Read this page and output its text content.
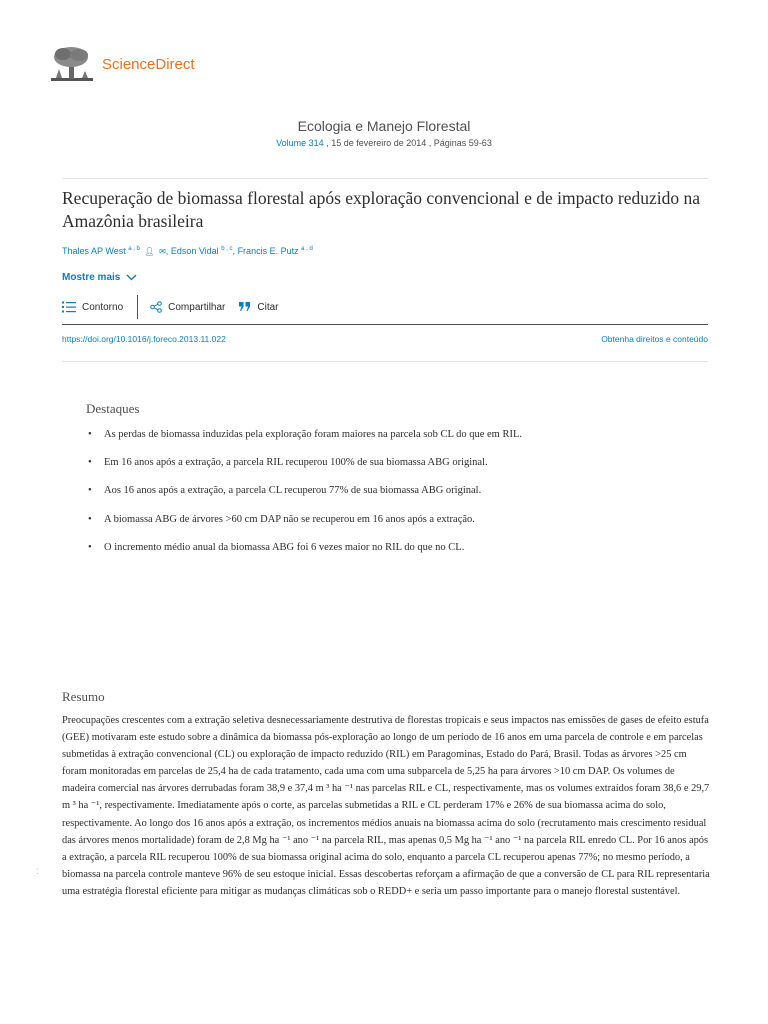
ScienceDirect
Ecologia e Manejo Florestal
Volume 314 , 15 de fevereiro de 2014 , Páginas 59-63
Recuperação de biomassa florestal após exploração convencional e de impacto reduzido na Amazônia brasileira
Thales AP West $^{a , b}$ 👤︎ ✉, Edson Vidal $^{b , c}$, Francis E. Putz $^{a , d}$
Mostre mais
Contorno	Compartilhar	Citar
https://doi.org/10.1016/j.foreco.2013.11.022	Obtenha direitos e conteúdo
Destaques
• As perdas de biomassa induzidas pela exploração foram maiores na parcela sob CL do que em RIL.
• Em 16 anos após a extração, a parcela RIL recuperou 100% de sua biomassa ABG original.
• Aos 16 anos após a extração, a parcela CL recuperou 77% de sua biomassa ABG original.
• A biomassa ABG de árvores >60 cm DAP não se recuperou em 16 anos após a extração.
• O incremento médio anual da biomassa ABG foi 6 vezes maior no RIL do que no CL.
Resumo

Preocupações crescentes com a extração seletiva desnecessariamente destrutiva de florestas tropicais e seus impactos nas emissões de gases de efeito estufa (GEE) motivaram este estudo sobre a dinâmica da biomassa pós-exploração ao longo de um período de 16 anos em uma parcela de controle e em parcelas submetidas à extração convencional (CL) ou exploração de impacto reduzido (RIL) em Paragominas, Estado do Pará, Brasil. Todas as árvores >25 cm foram monitoradas em parcelas de 25,4 ha de cada tratamento, cada uma com uma subparcela de 5,25 ha para árvores >10 cm DAP. Os volumes de madeira comercial nas árvores derrubadas foram 38,9 e 37,4 m ³ ha ⁻¹ nas parcelas RIL e CL, respectivamente, mas os volumes extraídos foram 38,6 e 29,7 m ³ ha ⁻¹, respectivamente. Imediatamente após o corte, as parcelas submetidas a RIL e CL perderam 17% e 26% de sua biomassa acima do solo, respectivamente. Ao longo dos 16 anos após a extração, os incrementos médios anuais na biomassa acima do solo (recrutamento mais crescimento residual das árvores menos mortalidade) foram de 2,8 Mg ha ⁻¹ ano ⁻¹ na parcela RIL, mas apenas 0,5 Mg ha ⁻¹ ano ⁻¹ na parcela RIL enredo CL. Por 16 anos após a extração, a parcela RIL recuperou 100% de sua biomassa original acima do solo, enquanto a parcela CL recuperou apenas 77%; no mesmo período, a biomassa na parcela controle manteve 96% de seu estoque inicial. Essas descobertas reforçam a afirmação de que a conversão de CL para RIL representaria uma estratégia florestal eficiente para mitigar as mudanças climáticas sob o REDD+ e seria um passo importante para o manejo florestal sustentável.

:
